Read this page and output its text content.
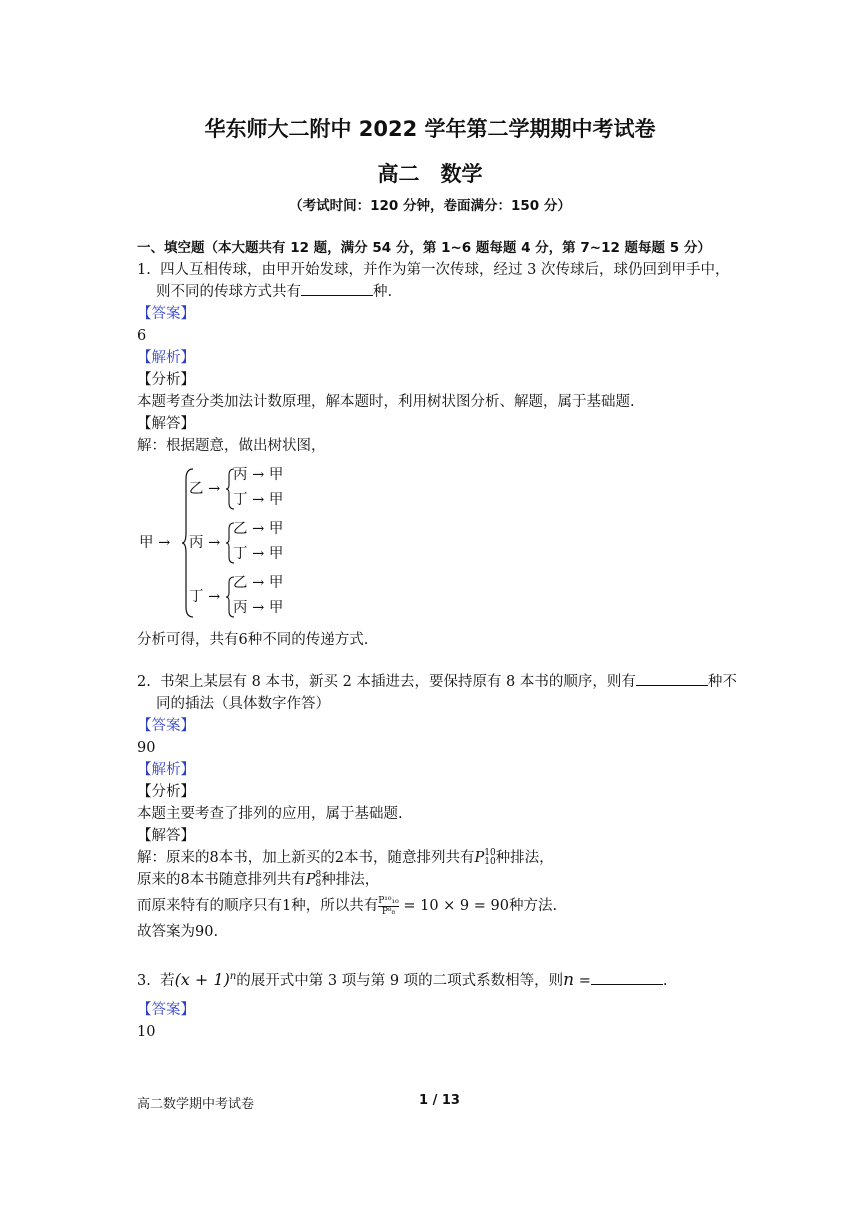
华东师大二附中 2022 学年第二学期期中考试卷
高二　数学
（考试时间：120 分钟，卷面满分：150 分）
一、填空题（本大题共有 12 题，满分 54 分，第 1~6 题每题 4 分，第 7~12 题每题 5 分）
1. 四人互相传球，由甲开始发球，并作为第一次传球，经过 3 次传球后，球仍回到甲手中，
则不同的传球方式共有	种.
【答案】
6
【解析】
【分析】
本题考查分类加法计数原理，解本题时，利用树状图分析、解题，属于基础题.
【解答】
解：根据题意，做出树状图，
甲 →
乙 →
丙 → 甲
丁 → 甲
丙 →
乙 → 甲
丁 → 甲
丁 →
乙 → 甲
丙 → 甲
分析可得，共有6种不同的传递方式.
2. 书架上某层有 8 本书，新买 2 本插进去，要保持原有 8 本书的顺序，则有	种不
同的插法（具体数字作答）
【答案】
90
【解析】
【分析】
本题主要考查了排列的应用，属于基础题.
【解答】
解：原来的8本书，加上新买的2本书，随意排列共有P 10
10 种排法，
原来的8本书随意排列共有P 8
8 种排法，
而原来特有的顺序只有1种，所以共有 $\frac{\text{P¹⁰₁₀}}{\text{P⁸₈}} = 10 \times 9 = 90$种方法.
故答案为90.
3. 若$(x + 1)^n$的展开式中第 3 项与第 9 项的二项式系数相等，则n =	.
【答案】
10
高二数学期中考试卷	1 / 13
